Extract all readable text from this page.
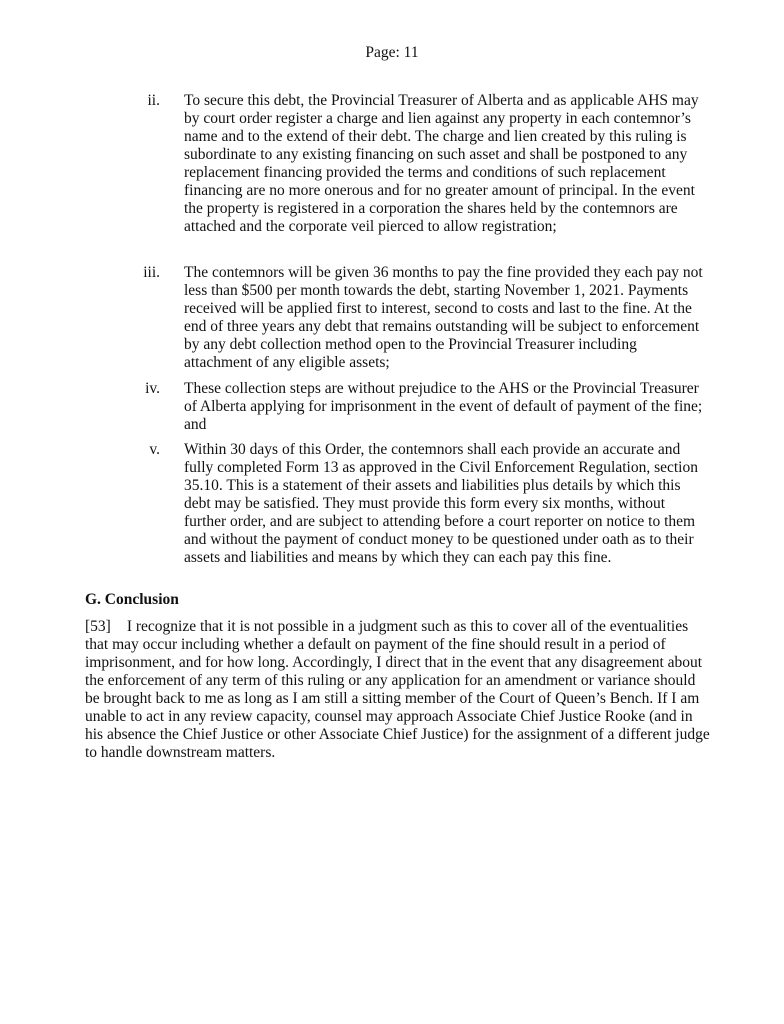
Page: 11
ii. To secure this debt, the Provincial Treasurer of Alberta and as applicable AHS may by court order register a charge and lien against any property in each contemnor’s name and to the extend of their debt. The charge and lien created by this ruling is subordinate to any existing financing on such asset and shall be postponed to any replacement financing provided the terms and conditions of such replacement financing are no more onerous and for no greater amount of principal. In the event the property is registered in a corporation the shares held by the contemnors are attached and the corporate veil pierced to allow registration;
iii. The contemnors will be given 36 months to pay the fine provided they each pay not less than $500 per month towards the debt, starting November 1, 2021. Payments received will be applied first to interest, second to costs and last to the fine. At the end of three years any debt that remains outstanding will be subject to enforcement by any debt collection method open to the Provincial Treasurer including attachment of any eligible assets;
iv. These collection steps are without prejudice to the AHS or the Provincial Treasurer of Alberta applying for imprisonment in the event of default of payment of the fine; and
v. Within 30 days of this Order, the contemnors shall each provide an accurate and fully completed Form 13 as approved in the Civil Enforcement Regulation, section 35.10. This is a statement of their assets and liabilities plus details by which this debt may be satisfied. They must provide this form every six months, without further order, and are subject to attending before a court reporter on notice to them and without the payment of conduct money to be questioned under oath as to their assets and liabilities and means by which they can each pay this fine.
G. Conclusion
[53] I recognize that it is not possible in a judgment such as this to cover all of the eventualities that may occur including whether a default on payment of the fine should result in a period of imprisonment, and for how long. Accordingly, I direct that in the event that any disagreement about the enforcement of any term of this ruling or any application for an amendment or variance should be brought back to me as long as I am still a sitting member of the Court of Queen’s Bench. If I am unable to act in any review capacity, counsel may approach Associate Chief Justice Rooke (and in his absence the Chief Justice or other Associate Chief Justice) for the assignment of a different judge to handle downstream matters.
